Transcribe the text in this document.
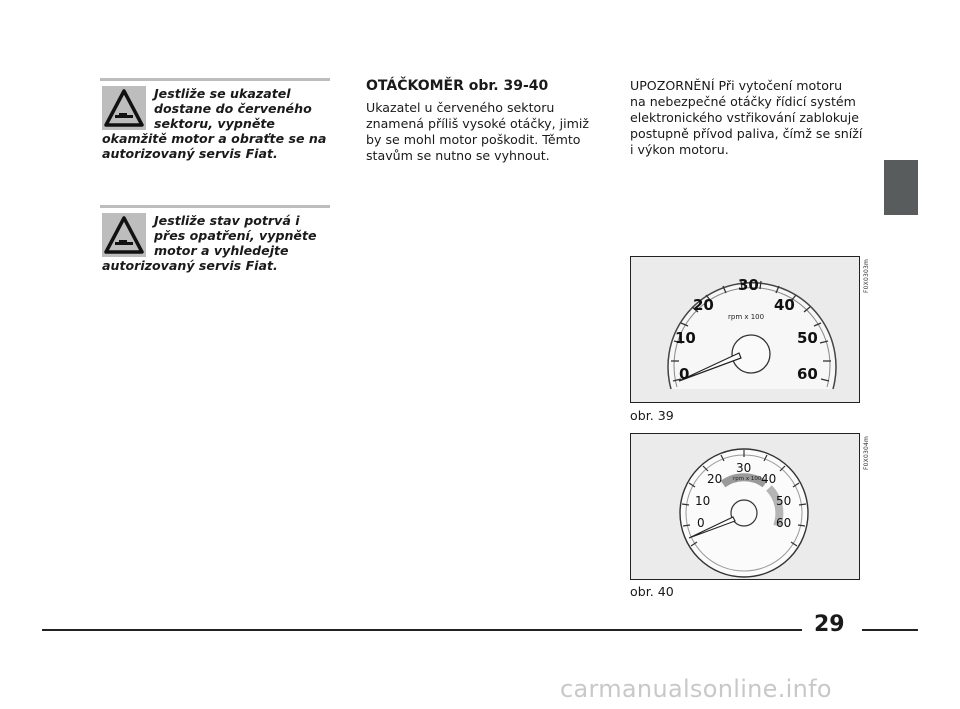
Jestliže se ukazatel
dostane do červeného
sektoru, vypněte
okamžitě motor a obraťte se na
autorizovaný servis Fiat.
Jestliže stav potrvá i
přes opatření, vypněte
motor a vyhledejte
autorizovaný servis Fiat.
OTÁČKOMĚR obr. 39-40
Ukazatel u červeného sektoru
znamená příliš vysoké otáčky, jimiž
by se mohl motor poškodit. Těmto
stavům se nutno se vyhnout.
UPOZORNĚNÍ Při vytočení motoru
na nebezpečné otáčky řídicí systém
elektronického vstřikování zablokuje
postupně přívod paliva, čímž se sníží
i výkon motoru.
0
10
20
30
40
50
60
rpm x 100
F0X0303m
obr. 39
0
10
20
30
40
50
60
rpm x 100
F0X0304m
obr. 40
29
carmanualsonline.info
